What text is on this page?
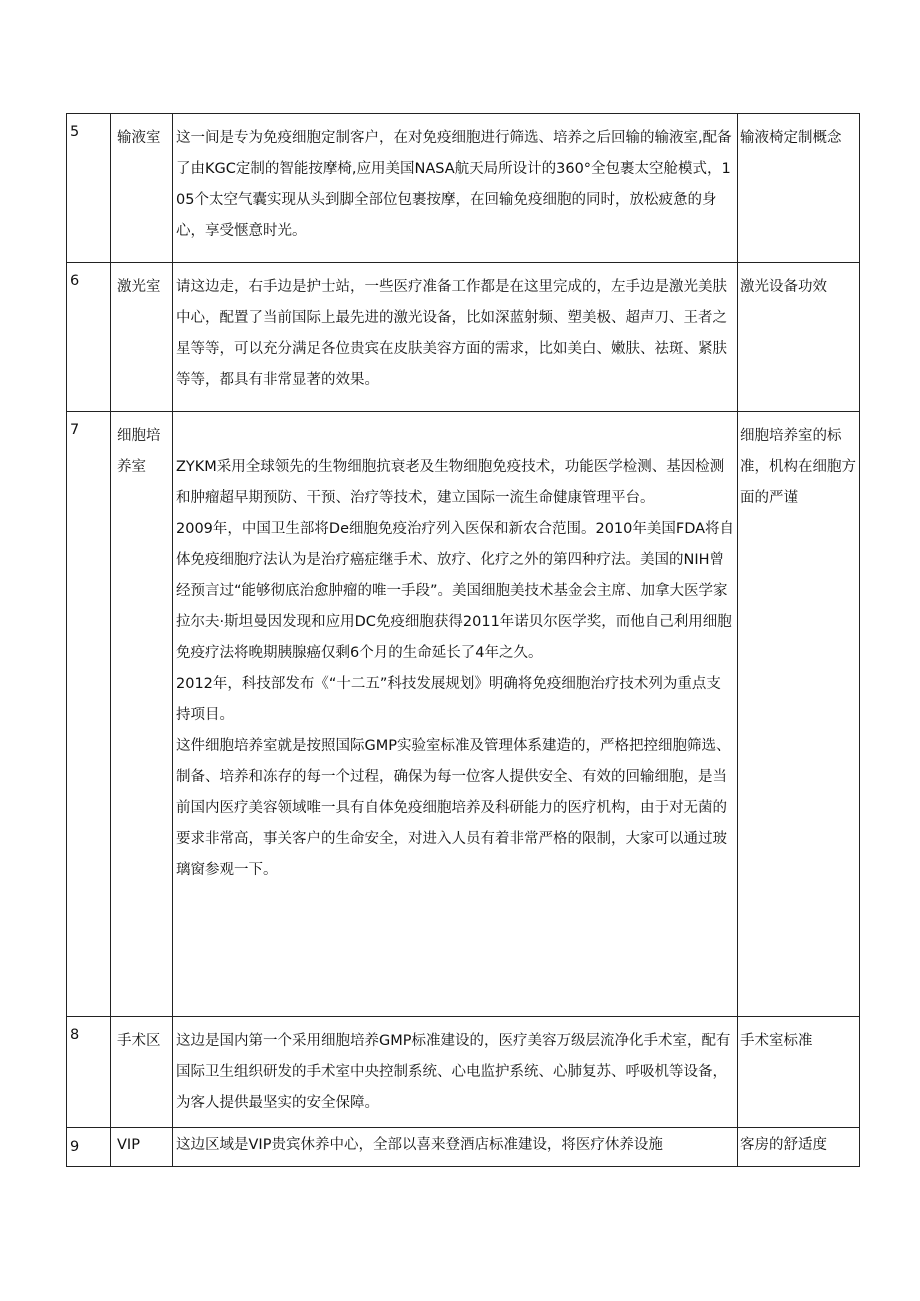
5	输液室	这一间是专为免疫细胞定制客户，在对免疫细胞进行筛选、培养之后回输的输液室,配备了由KGC定制的智能按摩椅,应用美国NASA航天局所设计的360°全包裹太空舱模式，105个太空气囊实现从头到脚全部位包裹按摩，在回输免疫细胞的同时，放松疲惫的身心，享受惬意时光。	输液椅定制概念
6	激光室	请这边走，右手边是护士站，一些医疗准备工作都是在这里完成的，左手边是激光美肤中心，配置了当前国际上最先进的激光设备，比如深蓝射频、塑美极、超声刀、王者之星等等，可以充分满足各位贵宾在皮肤美容方面的需求，比如美白、嫩肤、祛斑、紧肤等等，都具有非常显著的效果。	激光设备功效
7	细胞培养室	ZYKM采用全球领先的生物细胞抗衰老及生物细胞免疫技术，功能医学检测、基因检测和肿瘤超早期预防、干预、治疗等技术，建立国际一流生命健康管理平台。

2009年，中国卫生部将De细胞免疫治疗列入医保和新农合范围。2010年美国FDA将自体免疫细胞疗法认为是治疗癌症继手术、放疗、化疗之外的第四种疗法。美国的NIH曾经预言过“能够彻底治愈肿瘤的唯一手段”。美国细胞美技术基金会主席、加拿大医学家拉尔夫·斯坦曼因发现和应用DC免疫细胞获得2011年诺贝尔医学奖，而他自己利用细胞免疫疗法将晚期胰腺癌仅剩6个月的生命延长了4年之久。

2012年，科技部发布《“十二五”科技发展规划》明确将免疫细胞治疗技术列为重点支持项目。

这件细胞培养室就是按照国际GMP实验室标准及管理体系建造的，严格把控细胞筛选、制备、培养和冻存的每一个过程，确保为每一位客人提供安全、有效的回输细胞，是当前国内医疗美容领域唯一具有自体免疫细胞培养及科研能力的医疗机构，由于对无菌的要求非常高，事关客户的生命安全，对进入人员有着非常严格的限制，大家可以通过玻璃窗参观一下。	细胞培养室的标准，机构在细胞方面的严谨
8	手术区	这边是国内第一个采用细胞培养GMP标准建设的，医疗美容万级层流净化手术室，配有国际卫生组织研发的手术室中央控制系统、心电监护系统、心肺复苏、呼吸机等设备，为客人提供最坚实的安全保障。	手术室标准
9	VIP	这边区域是VIP贵宾休养中心，全部以喜来登酒店标准建设，将医疗休养设施	客房的舒适度
